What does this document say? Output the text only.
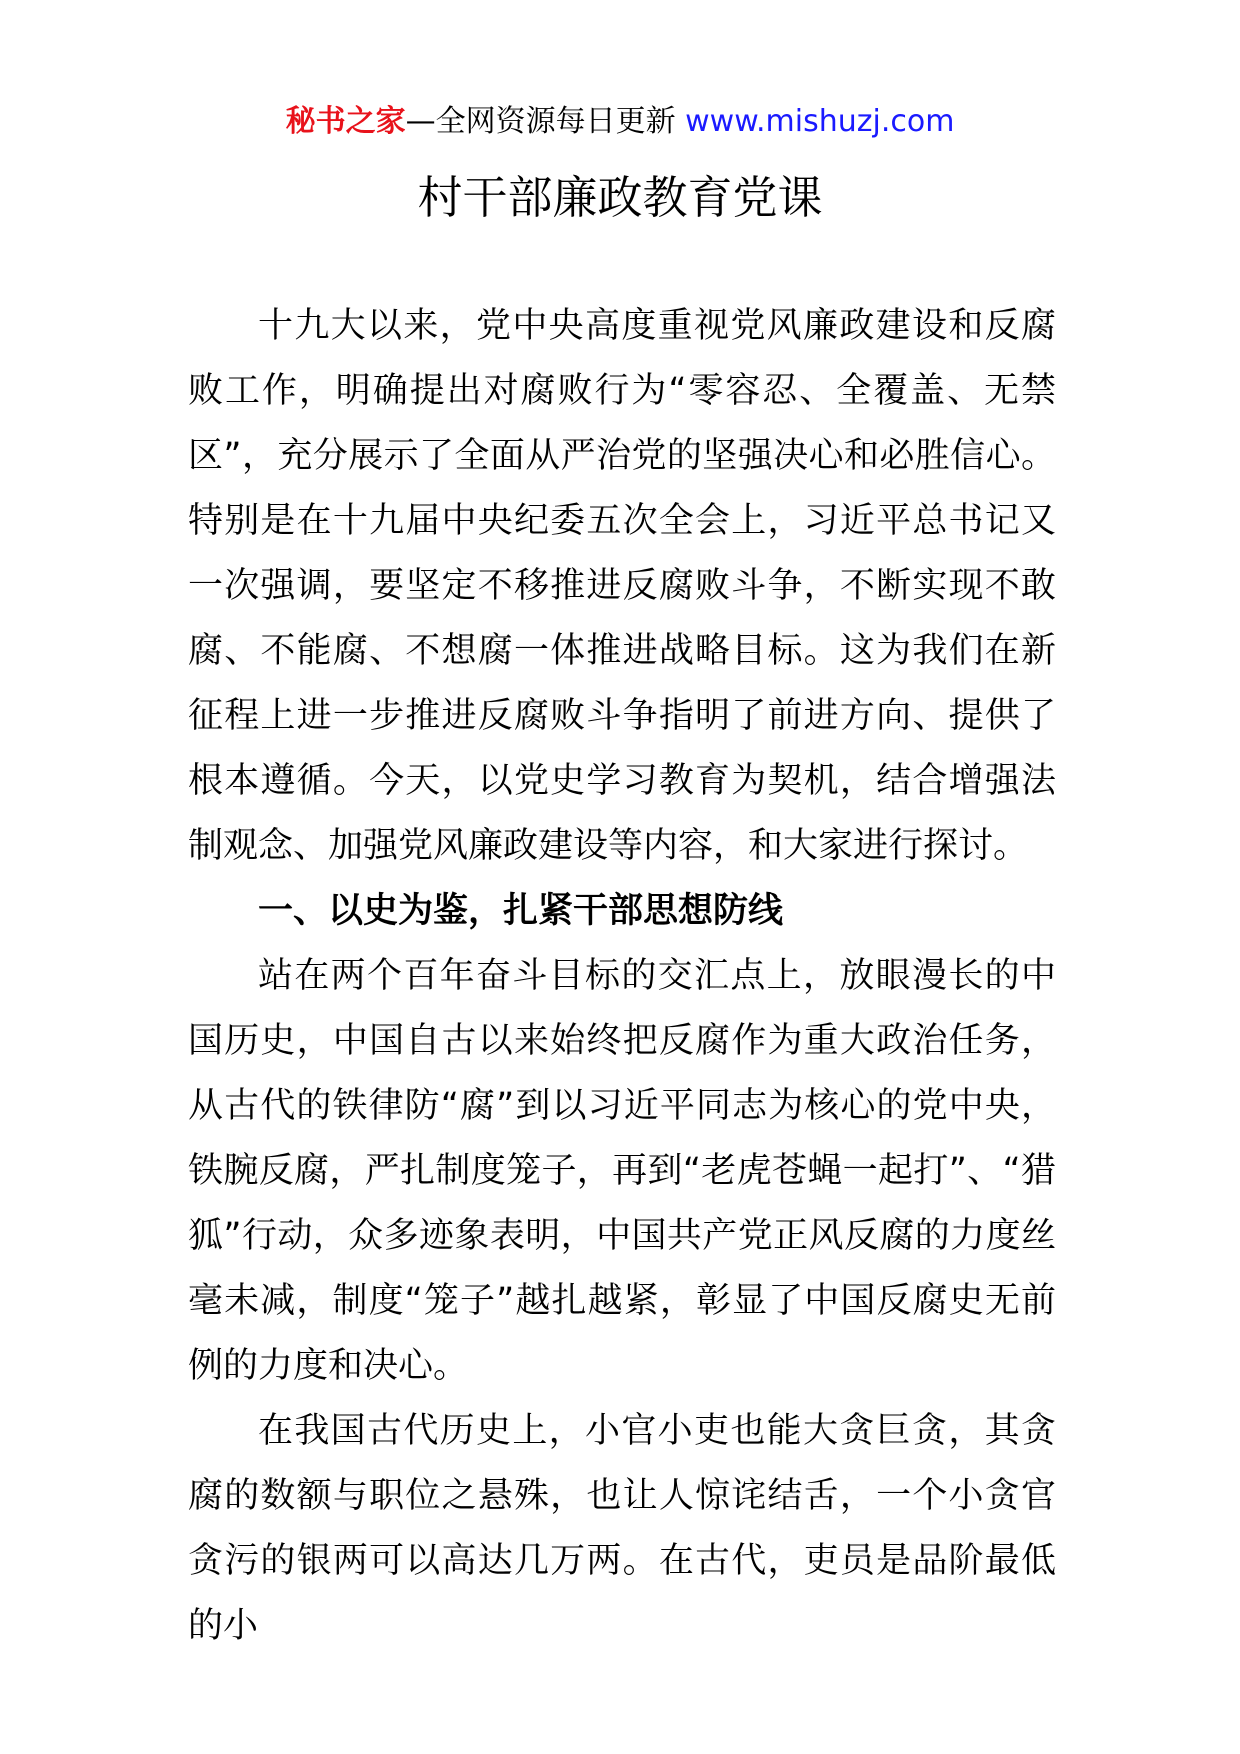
秘书之家—全网资源每日更新 www.mishuzj.com
村干部廉政教育党课

十九大以来，党中央高度重视党风廉政建设和反腐败工作，明确提出对腐败行为“零容忍、全覆盖、无禁区”，充分展示了全面从严治党的坚强决心和必胜信心。特别是在十九届中央纪委五次全会上，习近平总书记又一次强调，要坚定不移推进反腐败斗争，不断实现不敢腐、不能腐、不想腐一体推进战略目标。这为我们在新征程上进一步推进反腐败斗争指明了前进方向、提供了根本遵循。今天，以党史学习教育为契机，结合增强法制观念、加强党风廉政建设等内容，和大家进行探讨。

一、以史为鉴，扎紧干部思想防线

站在两个百年奋斗目标的交汇点上，放眼漫长的中国历史，中国自古以来始终把反腐作为重大政治任务，从古代的铁律防“腐”到以习近平同志为核心的党中央，铁腕反腐，严扎制度笼子，再到“老虎苍蝇一起打”、“猎狐”行动，众多迹象表明，中国共产党正风反腐的力度丝毫未减，制度“笼子”越扎越紧，彰显了中国反腐史无前例的力度和决心。

在我国古代历史上，小官小吏也能大贪巨贪，其贪腐的数额与职位之悬殊，也让人惊诧结舌，一个小贪官贪污的银两可以高达几万两。在古代，吏员是品阶最低的小
